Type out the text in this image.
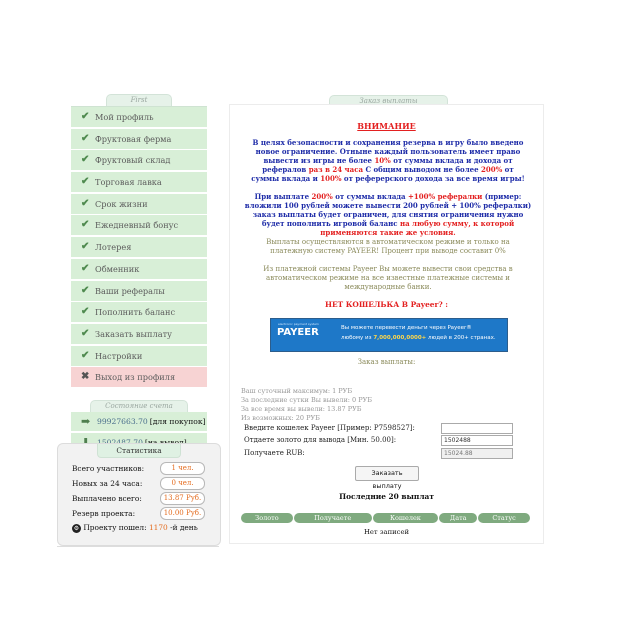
First
✔ Мой профиль
✔ Фруктовая ферма
✔ Фруктовый склад
✔ Торговая лавка
✔ Срок жизни
✔ Ежедневный бонус
✔ Лотерея
✔ Обменник
✔ Ваши рефералы
✔ Пополнить баланс
✔ Заказать выплату
✔ Настройки
✖ Выход из профиля
Состояние счета
➡ 99927663.70 [для покупок]
Статистика
Всего участников:	1 чел.
Новых за 24 часа:	0 чел.
Выплачено всего:	13.87 Руб.
Резерв проекта:	10.00 Руб.
⚙ Проекту пошел: 1170 -й день
Заказ выплаты
ВНИМАНИЕ
В целях безопасности и сохранения резерва в игру было введено новое ограничение. Отныне каждый пользователь имеет право вывести из игры не более 10% от суммы вклада и дохода от рефералов раз в 24 часа С общим выводом не более 200% от суммы вклада и 100% от реферерского дохода за все время игры!
При выплате 200% от суммы вклада +100% рефералки (пример: вложили 100 рублей можете вывести 200 рублей + 100% рефералки) заказ выплаты будет ограничен, для снятия ограничения нужно будет пополнить игровой баланс на любую сумму, к которой применяются такие же условия.
Выплаты осуществляются в автоматическом режиме и только на платежную систему PAYEER! Процент при выводе составит 0%
Из платежной системы Payeer Вы можете вывести свои средства в автоматическом режиме на все известные платежные системы и международные банки.
НЕТ КОШЕЛЬКА В Payeer? :
electronic payment system
PAYEER	Вы можете перевести деньги через Payeer®
любому из 7,000,000,0000+ людей в 200+ странах.
Заказ выплаты:
Ваш суточный максимум: 1 РУБ
За последние сутки Вы вывели: 0 РУБ
За все время вы вывели: 13.87 РУБ
Из возможных: 20 РУБ
Введите кошелек Payeer [Пример: P7598527]:
Отдаете золото для вывода [Мин. 50.00]:	1502488
Получаете RUB:	15024.88
Заказать выплату
Последние 20 выплат
Золото	Получаете	Кошелек	Дата	Статус
Нет записей
